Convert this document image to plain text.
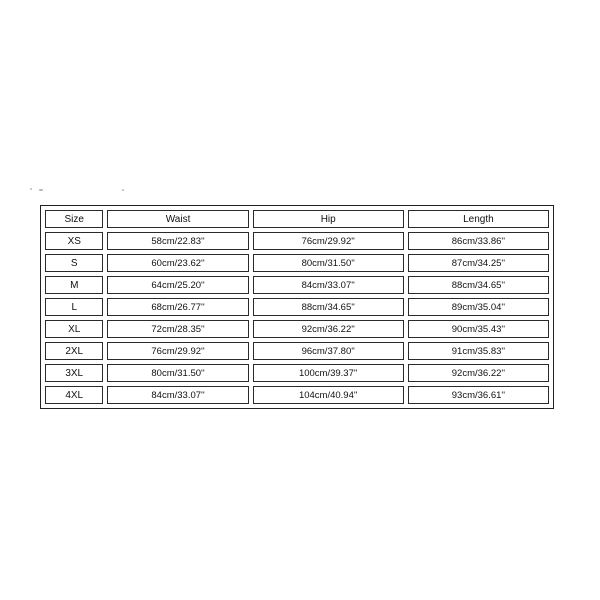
Size	Waist	Hip	Length
XS	58cm/22.83''	76cm/29.92''	86cm/33.86''
S	60cm/23.62''	80cm/31.50''	87cm/34.25''
M	64cm/25.20''	84cm/33.07''	88cm/34.65''
L	68cm/26.77''	88cm/34.65''	89cm/35.04''
XL	72cm/28.35''	92cm/36.22''	90cm/35.43''
2XL	76cm/29.92''	96cm/37.80''	91cm/35.83''
3XL	80cm/31.50''	100cm/39.37''	92cm/36.22''
4XL	84cm/33.07''	104cm/40.94''	93cm/36.61''
